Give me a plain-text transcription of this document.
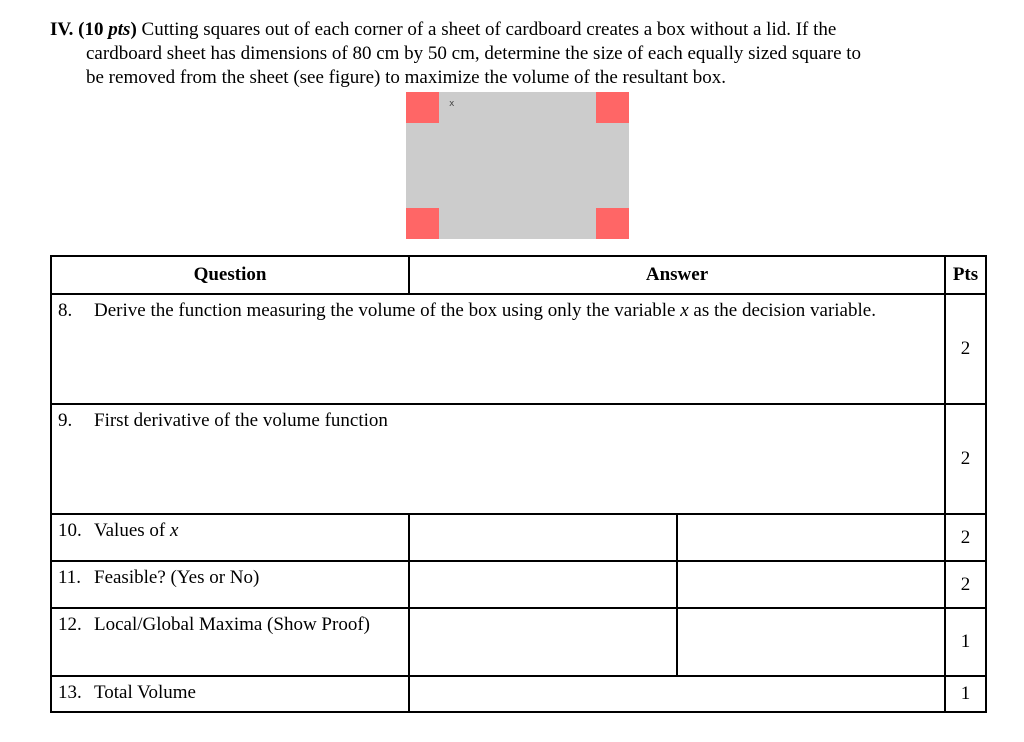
IV. (10 pts) Cutting squares out of each corner of a sheet of cardboard creates a box without a lid. If the
cardboard sheet has dimensions of 80 cm by 50 cm, determine the size of each equally sized square to
be removed from the sheet (see figure) to maximize the volume of the resultant box.
x
Question	Answer		Pts

8. Derive the function measuring the volume of the box using only the variable x as the decision variable.			2

9. First derivative of the volume function			2

10. Values of x			2

11. Feasible? (Yes or No)			2

12. Local/Global Maxima (Show Proof)			1

13. Total Volume			1
